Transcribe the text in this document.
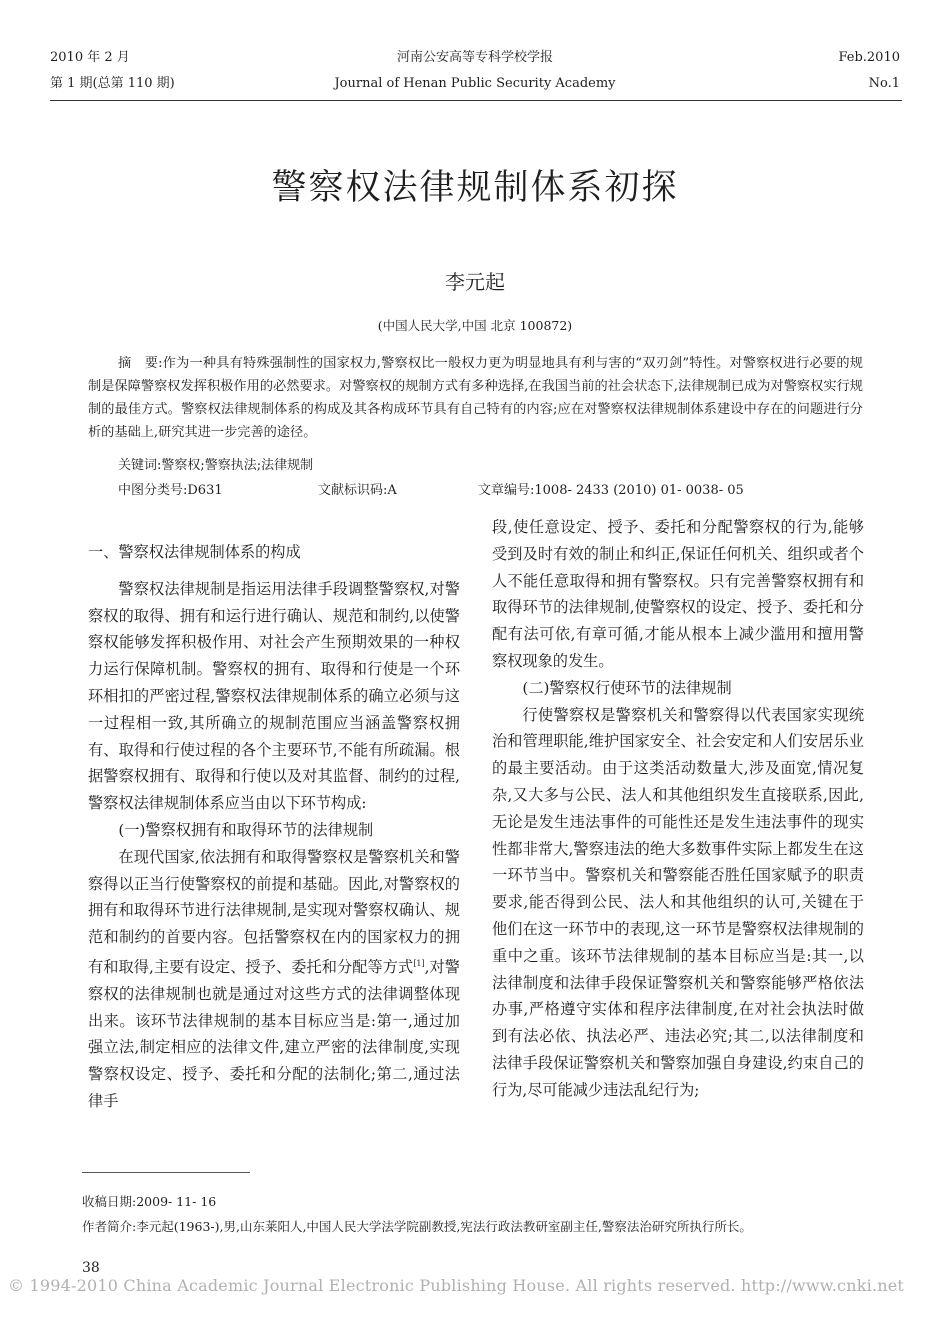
2010 年 2 月
第 1 期(总第 110 期)
河南公安高等专科学校学报
Journal of Henan Public Security Academy
Feb.2010
No.1
警察权法律规制体系初探
李元起
(中国人民大学,中国 北京 100872)
摘　要:作为一种具有特殊强制性的国家权力,警察权比一般权力更为明显地具有利与害的“双刃剑”特性。对警察权进行必要的规制是保障警察权发挥积极作用的必然要求。对警察权的规制方式有多种选择,在我国当前的社会状态下,法律规制已成为对警察权实行规制的最佳方式。警察权法律规制体系的构成及其各构成环节具有自己特有的内容;应在对警察权法律规制体系建设中存在的问题进行分析的基础上,研究其进一步完善的途径。
关键词:警察权;警察执法;法律规制
中图分类号:D631	文献标识码:A	文章编号:1008- 2433 (2010) 01- 0038- 05

一、警察权法律规制体系的构成

警察权法律规制是指运用法律手段调整警察权,对警察权的取得、拥有和运行进行确认、规范和制约,以使警察权能够发挥积极作用、对社会产生预期效果的一种权力运行保障机制。警察权的拥有、取得和行使是一个环环相扣的严密过程,警察权法律规制体系的确立必须与这一过程相一致,其所确立的规制范围应当涵盖警察权拥有、取得和行使过程的各个主要环节,不能有所疏漏。根据警察权拥有、取得和行使以及对其监督、制约的过程,警察权法律规制体系应当由以下环节构成:

(一)警察权拥有和取得环节的法律规制

在现代国家,依法拥有和取得警察权是警察机关和警察得以正当行使警察权的前提和基础。因此,对警察权的拥有和取得环节进行法律规制,是实现对警察权确认、规范和制约的首要内容。包括警察权在内的国家权力的拥有和取得,主要有设定、授予、委托和分配等方式[1],对警察权的法律规制也就是通过对这些方式的法律调整体现出来。该环节法律规制的基本目标应当是:第一,通过加强立法,制定相应的法律文件,建立严密的法律制度,实现警察权设定、授予、委托和分配的法制化;第二,通过法律手

段,使任意设定、授予、委托和分配警察权的行为,能够受到及时有效的制止和纠正,保证任何机关、组织或者个人不能任意取得和拥有警察权。只有完善警察权拥有和取得环节的法律规制,使警察权的设定、授予、委托和分配有法可依,有章可循,才能从根本上减少滥用和擅用警察权现象的发生。

(二)警察权行使环节的法律规制

行使警察权是警察机关和警察得以代表国家实现统治和管理职能,维护国家安全、社会安定和人们安居乐业的最主要活动。由于这类活动数量大,涉及面宽,情况复杂,又大多与公民、法人和其他组织发生直接联系,因此,无论是发生违法事件的可能性还是发生违法事件的现实性都非常大,警察违法的绝大多数事件实际上都发生在这一环节当中。警察机关和警察能否胜任国家赋予的职责要求,能否得到公民、法人和其他组织的认可,关键在于他们在这一环节中的表现,这一环节是警察权法律规制的重中之重。该环节法律规制的基本目标应当是:其一,以法律制度和法律手段保证警察机关和警察能够严格依法办事,严格遵守实体和程序法律制度,在对社会执法时做到有法必依、执法必严、违法必究;其二,以法律制度和法律手段保证警察机关和警察加强自身建设,约束自己的行为,尽可能减少违法乱纪行为;

收稿日期:2009- 11- 16
作者简介:李元起(1963-),男,山东莱阳人,中国人民大学法学院副教授,宪法行政法教研室副主任,警察法治研究所执行所长。
38
© 1994-2010 China Academic Journal Electronic Publishing House. All rights reserved. http://www.cnki.net
